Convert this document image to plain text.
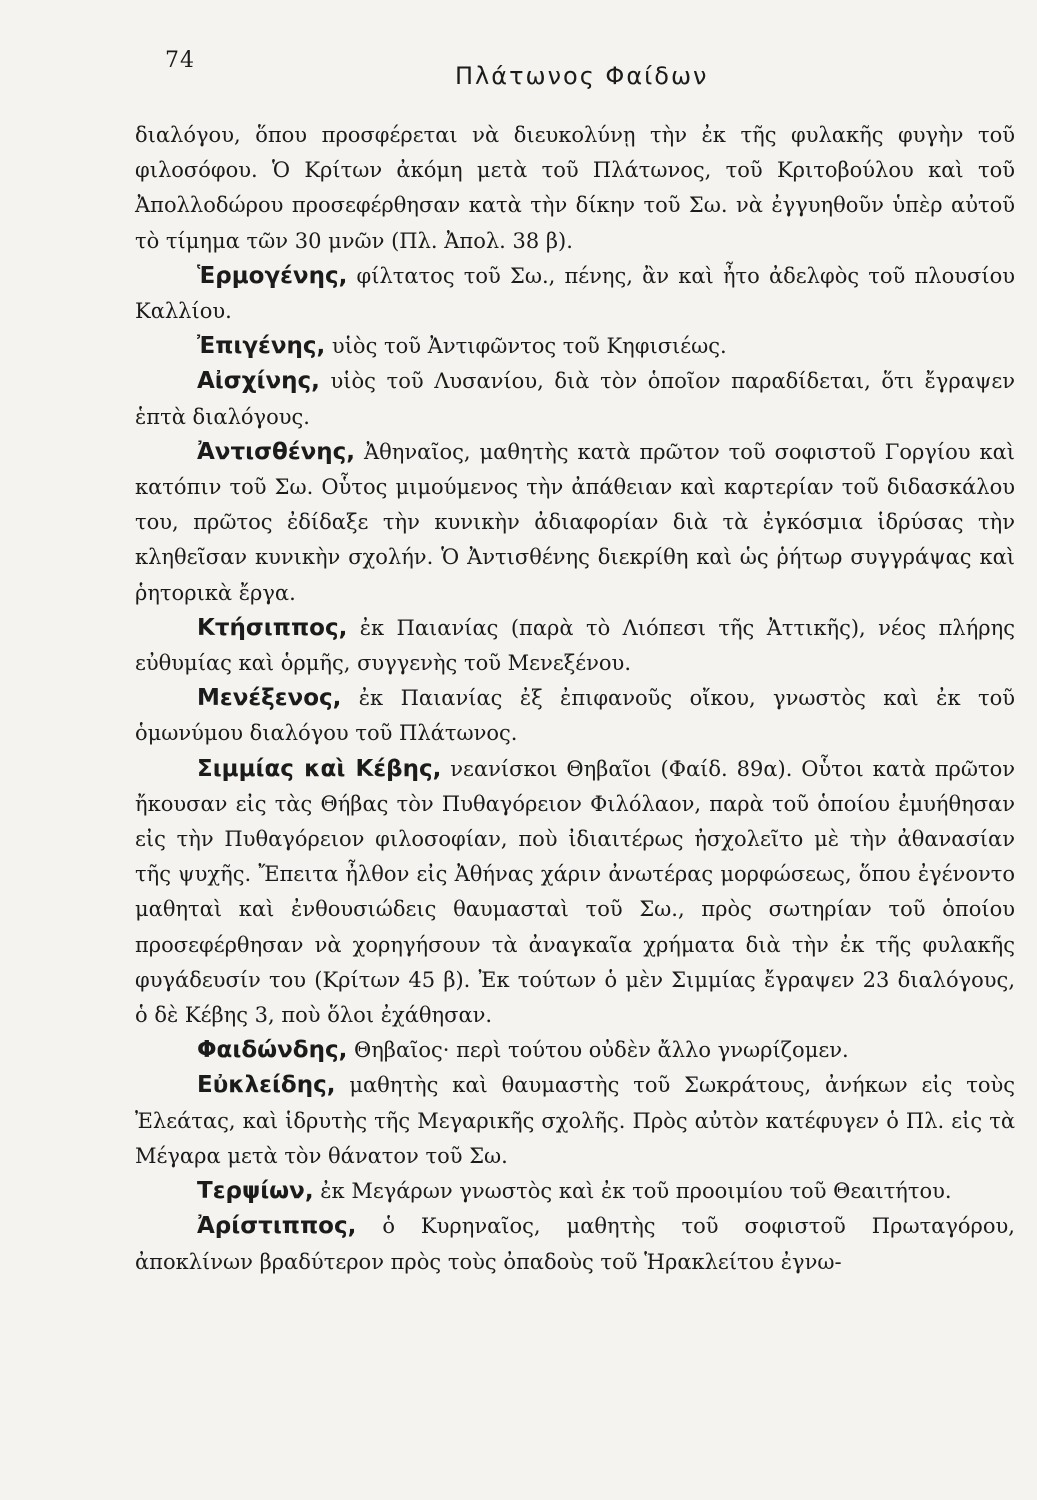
74
Πλάτωνος Φαίδων

διαλόγου, ὅπου προσφέρεται νὰ διευκολύνῃ τὴν ἐκ τῆς φυλακῆς φυγὴν τοῦ φιλοσόφου. Ὁ Κρίτων ἀκόμη μετὰ τοῦ Πλάτωνος, τοῦ Κριτοβούλου καὶ τοῦ Ἀπολλοδώρου προσεφέρθησαν κατὰ τὴν δίκην τοῦ Σω. νὰ ἐγγυηθοῦν ὑπὲρ αὐτοῦ τὸ τίμημα τῶν 30 μνῶν (Πλ. Ἀπολ. 38 β).

Ἑρμογένης, φίλτατος τοῦ Σω., πένης, ἂν καὶ ἦτο ἀδελφὸς τοῦ πλουσίου Καλλίου.

Ἐπιγένης, υἱὸς τοῦ Ἀντιφῶντος τοῦ Κηφισιέως.

Αἰσχίνης, υἱὸς τοῦ Λυσανίου, διὰ τὸν ὁποῖον παραδίδεται, ὅτι ἔγραψεν ἑπτὰ διαλόγους.

Ἀντισθένης, Ἀθηναῖος, μαθητὴς κατὰ πρῶτον τοῦ σοφιστοῦ Γοργίου καὶ κατόπιν τοῦ Σω. Οὗτος μιμούμενος τὴν ἀπάθειαν καὶ καρτερίαν τοῦ διδασκάλου του, πρῶτος ἐδίδαξε τὴν κυνικὴν ἀδιαφορίαν διὰ τὰ ἐγκόσμια ἱδρύσας τὴν κληθεῖσαν κυνικὴν σχολήν. Ὁ Ἀντισθένης διεκρίθη καὶ ὡς ῥήτωρ συγγράψας καὶ ῥητορικὰ ἔργα.

Κτήσιππος, ἐκ Παιανίας (παρὰ τὸ Λιόπεσι τῆς Ἀττικῆς), νέος πλήρης εὐθυμίας καὶ ὁρμῆς, συγγενὴς τοῦ Μενεξένου.

Μενέξενος, ἐκ Παιανίας ἐξ ἐπιφανοῦς οἴκου, γνωστὸς καὶ ἐκ τοῦ ὁμωνύμου διαλόγου τοῦ Πλάτωνος.

Σιμμίας καὶ Κέβης, νεανίσκοι Θηβαῖοι (Φαίδ. 89α). Οὗτοι κατὰ πρῶτον ἤκουσαν εἰς τὰς Θήβας τὸν Πυθαγόρειον Φιλόλαον, παρὰ τοῦ ὁποίου ἐμυήθησαν εἰς τὴν Πυθαγόρειον φιλοσοφίαν, ποὺ ἰδιαιτέρως ἠσχολεῖτο μὲ τὴν ἀθανασίαν τῆς ψυχῆς. Ἔπειτα ἦλθον εἰς Ἀθήνας χάριν ἀνωτέρας μορφώσεως, ὅπου ἐγένοντο μαθηταὶ καὶ ἐνθουσιώδεις θαυμασταὶ τοῦ Σω., πρὸς σωτηρίαν τοῦ ὁποίου προσεφέρθησαν νὰ χορηγήσουν τὰ ἀναγκαῖα χρήματα διὰ τὴν ἐκ τῆς φυλακῆς φυγάδευσίν του (Κρίτων 45 β). Ἐκ τούτων ὁ μὲν Σιμμίας ἔγραψεν 23 διαλόγους, ὁ δὲ Κέβης 3, ποὺ ὅλοι ἐχάθησαν.

Φαιδώνδης, Θηβαῖος· περὶ τούτου οὐδὲν ἄλλο γνωρίζομεν.

Εὐκλείδης, μαθητὴς καὶ θαυμαστὴς τοῦ Σωκράτους, ἀνήκων εἰς τοὺς Ἐλεάτας, καὶ ἱδρυτὴς τῆς Μεγαρικῆς σχολῆς. Πρὸς αὐτὸν κατέφυγεν ὁ Πλ. εἰς τὰ Μέγαρα μετὰ τὸν θάνατον τοῦ Σω.

Τερψίων, ἐκ Μεγάρων γνωστὸς καὶ ἐκ τοῦ προοιμίου τοῦ Θεαιτήτου.

Ἀρίστιππος, ὁ Κυρηναῖος, μαθητὴς τοῦ σοφιστοῦ Πρωταγόρου, ἀποκλίνων βραδύτερον πρὸς τοὺς ὀπαδοὺς τοῦ Ἡρακλείτου ἐγνω-
